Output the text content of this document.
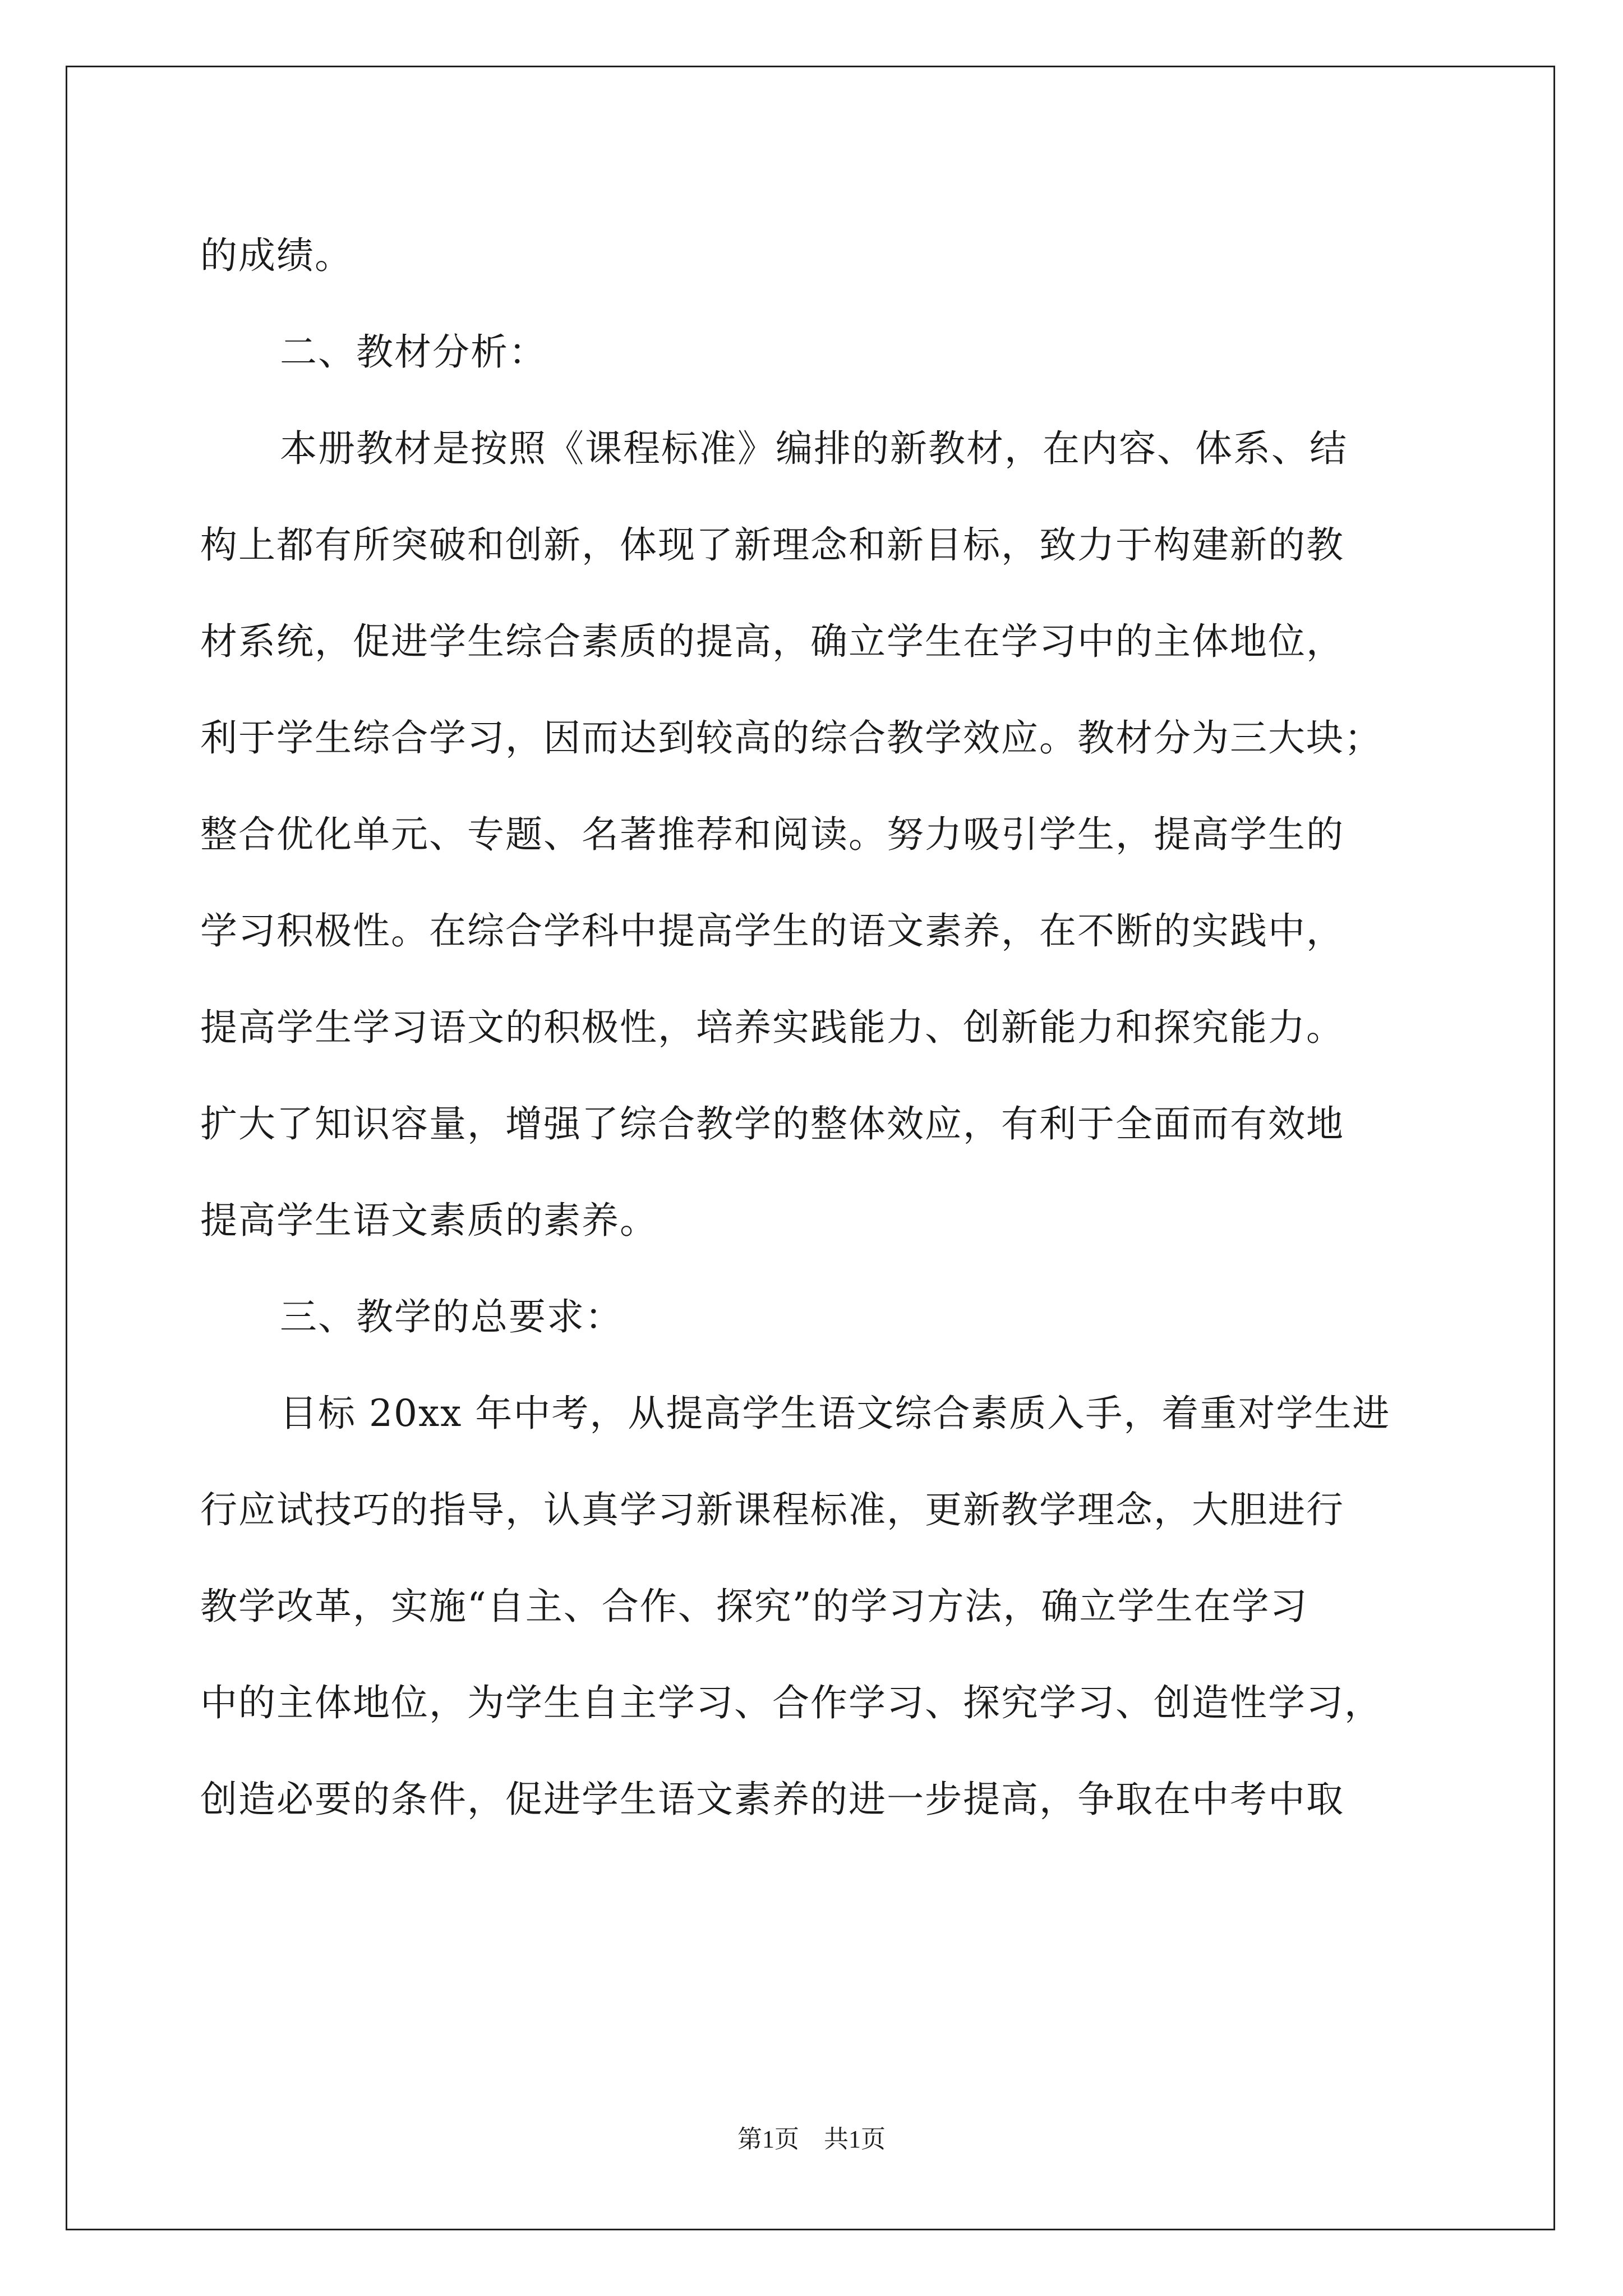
的成绩。
二、教材分析：
本册教材是按照《课程标准》编排的新教材，在内容、体系、结
构上都有所突破和创新，体现了新理念和新目标，致力于构建新的教
材系统，促进学生综合素质的提高，确立学生在学习中的主体地位，
利于学生综合学习，因而达到较高的综合教学效应。教材分为三大块；
整合优化单元、专题、名著推荐和阅读。努力吸引学生，提高学生的
学习积极性。在综合学科中提高学生的语文素养，在不断的实践中，
提高学生学习语文的积极性，培养实践能力、创新能力和探究能力。
扩大了知识容量，增强了综合教学的整体效应，有利于全面而有效地
提高学生语文素质的素养。
三、教学的总要求：
目标 20xx 年中考，从提高学生语文综合素质入手，着重对学生进
行应试技巧的指导，认真学习新课程标准，更新教学理念，大胆进行
教学改革，实施“自主、合作、探究”的学习方法，确立学生在学习
中的主体地位，为学生自主学习、合作学习、探究学习、创造性学习，
创造必要的条件，促进学生语文素养的进一步提高，争取在中考中取
第1页 共1页
